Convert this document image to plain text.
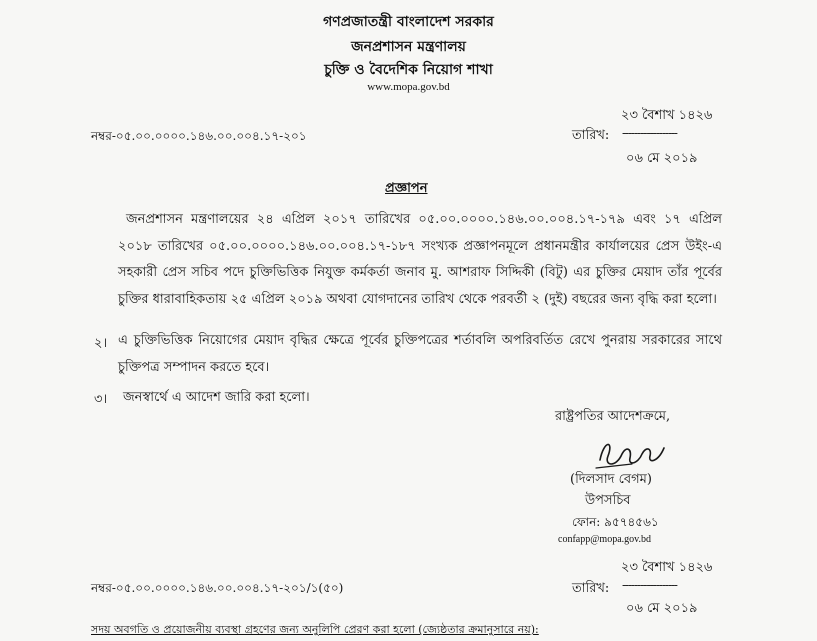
গণপ্রজাতন্ত্রী বাংলাদেশ সরকার
জনপ্রশাসন মন্ত্রণালয়
চুক্তি ও বৈদেশিক নিয়োগ শাখা
www.mopa.gov.bd
২৩ বৈশাখ ১৪২৬
নম্বর-০৫.০০.০০০০.১৪৬.০০.০০৪.১৭-২০১	তারিখ: ------------------
০৬ মে ২০১৯
প্রজ্ঞাপন
জনপ্রশাসন মন্ত্রণালয়ের ২৪ এপ্রিল ২০১৭ তারিখের ০৫.০০.০০০০.১৪৬.০০.০০৪.১৭-১৭৯ এবং ১৭ এপ্রিল ২০১৮ তারিখের ০৫.০০.০০০০.১৪৬.০০.০০৪.১৭-১৮৭ সংখ্যক প্রজ্ঞাপনমূলে প্রধানমন্ত্রীর কার্যালয়ের প্রেস উইং-এ সহকারী প্রেস সচিব পদে চুক্তিভিত্তিক নিযুক্ত কর্মকর্তা জনাব মু. আশরাফ সিদ্দিকী (বিটু) এর চুক্তির মেয়াদ তাঁর পূর্বের চুক্তির ধারাবাহিকতায় ২৫ এপ্রিল ২০১৯ অথবা যোগদানের তারিখ থেকে পরবর্তী ২ (দুই) বছরের জন্য বৃদ্ধি করা হলো।
২। এ চুক্তিভিত্তিক নিয়োগের মেয়াদ বৃদ্ধির ক্ষেত্রে পূর্বের চুক্তিপত্রের শর্তাবলি অপরিবর্তিত রেখে পুনরায় সরকারের সাথে চুক্তিপত্র সম্পাদন করতে হবে।
৩। জনস্বার্থে এ আদেশ জারি করা হলো।
রাষ্ট্রপতির আদেশক্রমে,
(দিলসাদ বেগম)
উপসচিব
ফোন: ৯৫৭৪৫৬১
confapp@mopa.gov.bd
২৩ বৈশাখ ১৪২৬
নম্বর-০৫.০০.০০০০.১৪৬.০০.০০৪.১৭-২০১/১(৫০)	তারিখ: ------------------
০৬ মে ২০১৯
সদয় অবগতি ও প্রয়োজনীয় ব্যবস্থা গ্রহণের জন্য অনুলিপি প্রেরণ করা হলো (জ্যেষ্ঠতার ক্রমানুসারে নয়):
